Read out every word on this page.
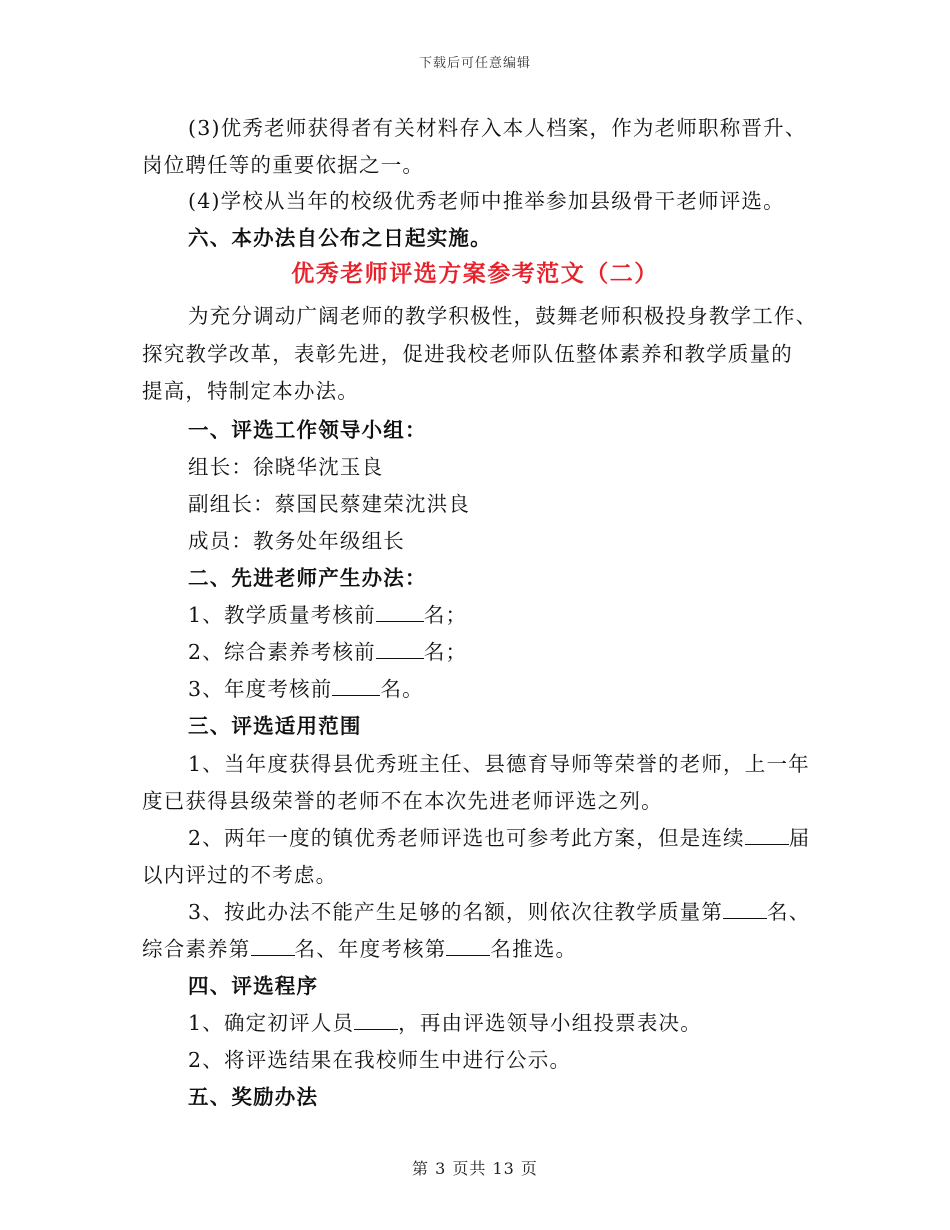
下载后可任意编辑
(3)优秀老师获得者有关材料存入本人档案，作为老师职称晋升、
岗位聘任等的重要依据之一。
(4)学校从当年的校级优秀老师中推举参加县级骨干老师评选。
六、本办法自公布之日起实施。
优秀老师评选方案参考范文（二）
为充分调动广阔老师的教学积极性，鼓舞老师积极投身教学工作、
探究教学改革，表彰先进，促进我校老师队伍整体素养和教学质量的
提高，特制定本办法。
一、评选工作领导小组：
组长：徐晓华沈玉良
副组长：蔡国民蔡建荣沈洪良
成员：教务处年级组长
二、先进老师产生办法：
1、教学质量考核前 名；
2、综合素养考核前 名；
3、年度考核前 名。
三、评选适用范围
1、当年度获得县优秀班主任、县德育导师等荣誉的老师，上一年
度已获得县级荣誉的老师不在本次先进老师评选之列。
2、两年一度的镇优秀老师评选也可参考此方案，但是连续 届
以内评过的不考虑。
3、按此办法不能产生足够的名额，则依次往教学质量第 名、
综合素养第 名、年度考核第 名推选。
四、评选程序
1、确定初评人员 ，再由评选领导小组投票表决。
2、将评选结果在我校师生中进行公示。
五、奖励办法
第 3 页共 13 页
